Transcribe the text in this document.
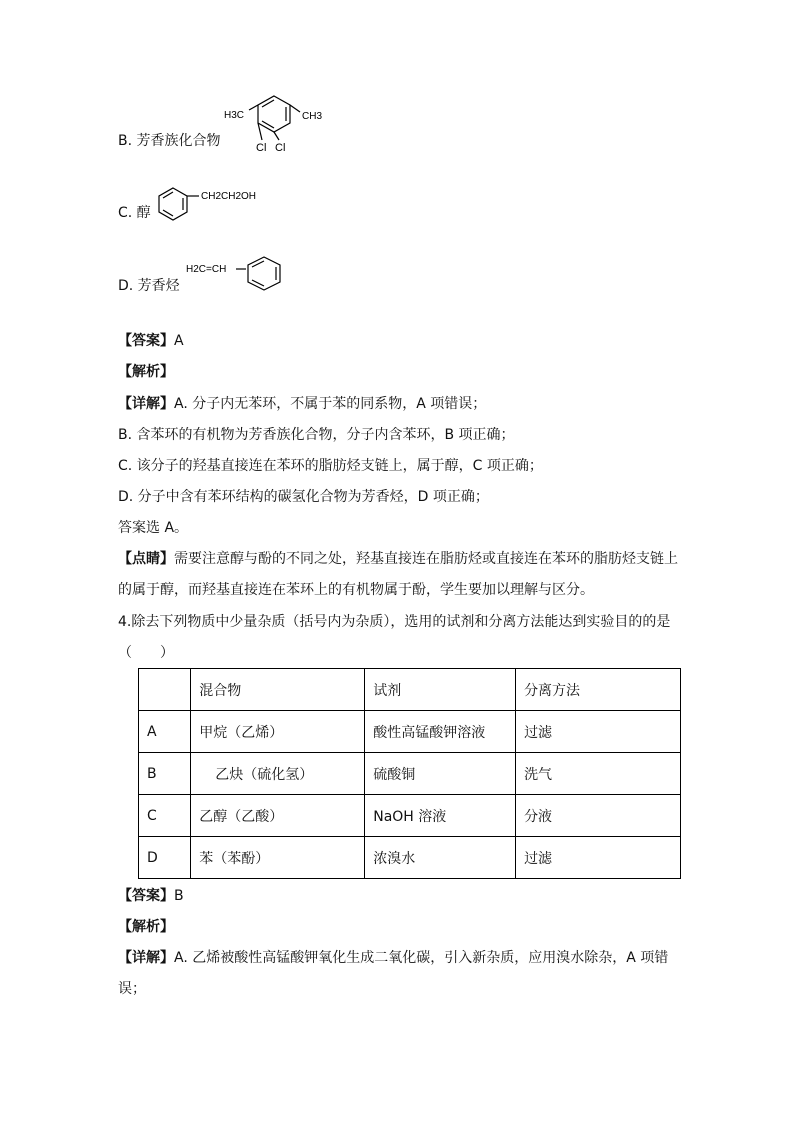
B. 芳香族化合物
H3C	CH3
Cl Cl
C. 醇
CH2CH2OH
D. 芳香烃
H2C=CH
【答案】A
【解析】
【详解】A. 分子内无苯环，不属于苯的同系物，A 项错误；
B. 含苯环的有机物为芳香族化合物，分子内含苯环，B 项正确；
C. 该分子的羟基直接连在苯环的脂肪烃支链上，属于醇，C 项正确；
D. 分子中含有苯环结构的碳氢化合物为芳香烃，D 项正确；
答案选 A。
【点睛】需要注意醇与酚的不同之处，羟基直接连在脂肪烃或直接连在苯环的脂肪烃支链上
的属于醇，而羟基直接连在苯环上的有机物属于酚，学生要加以理解与区分。
4.除去下列物质中少量杂质（括号内为杂质），选用的试剂和分离方法能达到实验目的的是
（　　）
	混合物	试剂	分离方法
A	甲烷（乙烯）	酸性高锰酸钾溶液	过滤
B	乙炔（硫化氢）	硫酸铜	洗气
C	乙醇（乙酸）	NaOH 溶液	分液
D	苯（苯酚）	浓溴水	过滤
【答案】B
【解析】
【详解】A. 乙烯被酸性高锰酸钾氧化生成二氧化碳，引入新杂质，应用溴水除杂，A 项错
误；
